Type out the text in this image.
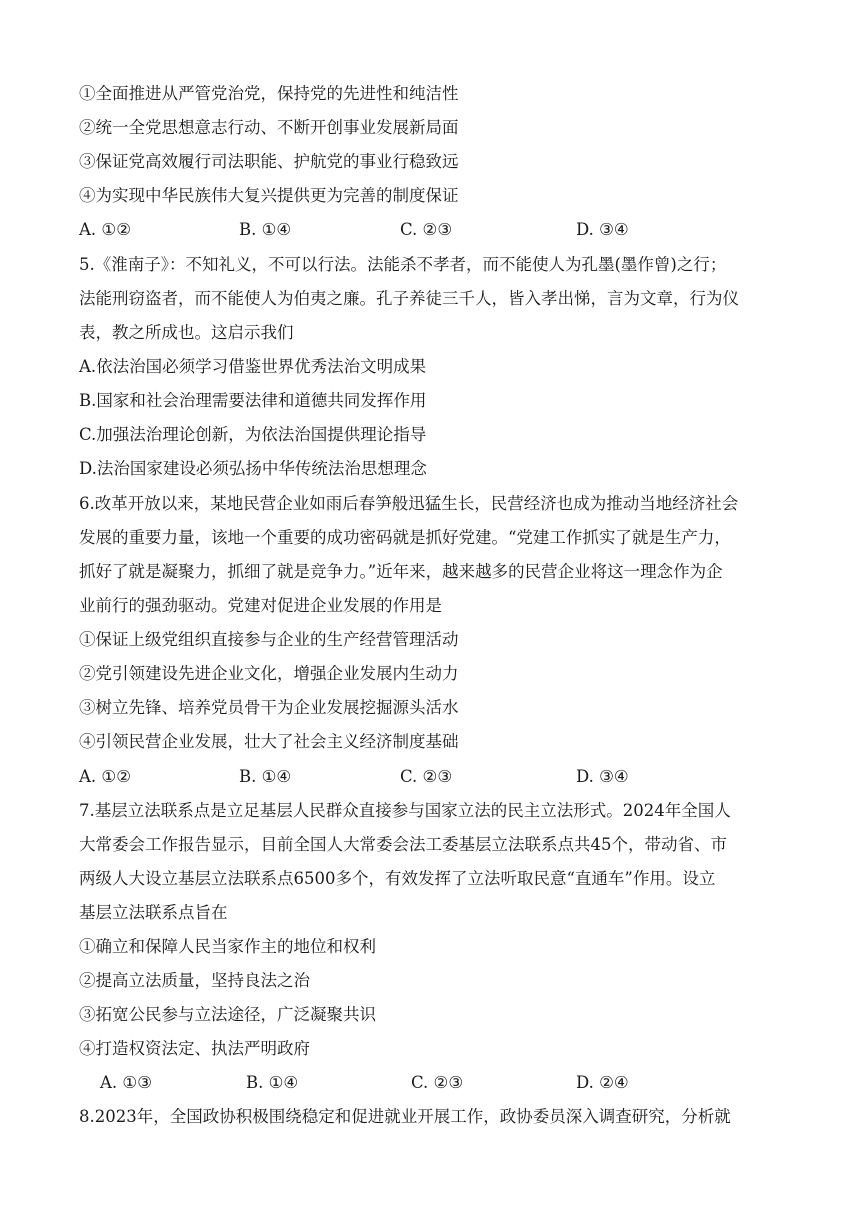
①全面推进从严管党治党，保持党的先进性和纯洁性
②统一全党思想意志行动、不断开创事业发展新局面
③保证党高效履行司法职能、护航党的事业行稳致远
④为实现中华民族伟大复兴提供更为完善的制度保证
A. ①②	B. ①④	C. ②③	D. ③④
5.《淮南子》：不知礼义，不可以行法。法能杀不孝者，而不能使人为孔墨(墨作曾)之行；
法能刑窃盗者，而不能使人为伯夷之廉。孔子养徒三千人，皆入孝出悌，言为文章，行为仪
表，教之所成也。这启示我们
A.依法治国必须学习借鉴世界优秀法治文明成果
B.国家和社会治理需要法律和道德共同发挥作用
C.加强法治理论创新，为依法治国提供理论指导
D.法治国家建设必须弘扬中华传统法治思想理念
6.改革开放以来，某地民营企业如雨后春笋般迅猛生长，民营经济也成为推动当地经济社会
发展的重要力量，该地一个重要的成功密码就是抓好党建。“党建工作抓实了就是生产力，
抓好了就是凝聚力，抓细了就是竞争力。”近年来，越来越多的民营企业将这一理念作为企
业前行的强劲驱动。党建对促进企业发展的作用是
①保证上级党组织直接参与企业的生产经营管理活动
②党引领建设先进企业文化，增强企业发展内生动力
③树立先锋、培养党员骨干为企业发展挖掘源头活水
④引领民营企业发展，壮大了社会主义经济制度基础
A. ①②	B. ①④	C. ②③	D. ③④
7.基层立法联系点是立足基层人民群众直接参与国家立法的民主立法形式。2024年全国人
大常委会工作报告显示，目前全国人大常委会法工委基层立法联系点共45个，带动省、市
两级人大设立基层立法联系点6500多个，有效发挥了立法听取民意“直通车”作用。设立
基层立法联系点旨在
①确立和保障人民当家作主的地位和权利
②提高立法质量，坚持良法之治
③拓宽公民参与立法途径，广泛凝聚共识
④打造权资法定、执法严明政府
A. ①③	B. ①④	C. ②③	D. ②④
8.2023年，全国政协积极围绕稳定和促进就业开展工作，政协委员深入调查研究，分析就
